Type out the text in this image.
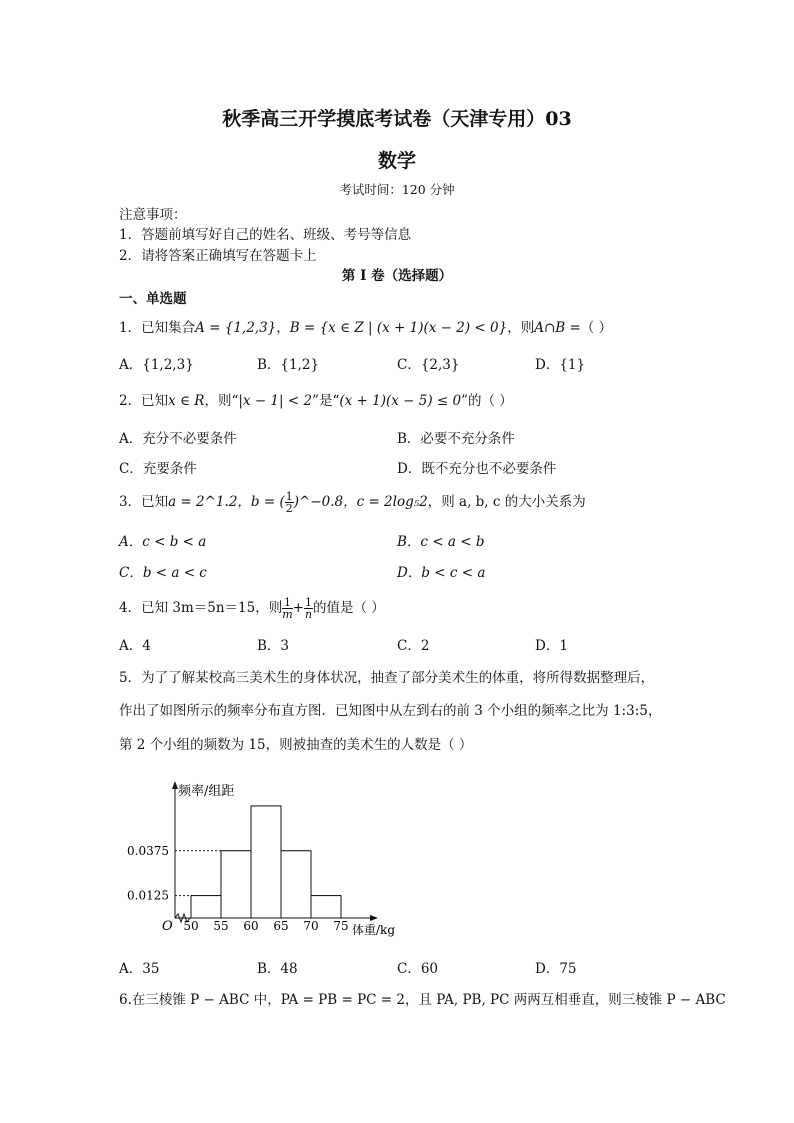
秋季高三开学摸底考试卷（天津专用）03
数学
考试时间：120 分钟
注意事项：
1．答题前填写好自己的姓名、班级、考号等信息
2．请将答案正确填写在答题卡上
第 I 卷（选择题）
一、单选题
1．已知集合A = {1,2,3}，B = {x ∈ Z | (x + 1)(x − 2) < 0}，则A∩B =（ ）
A．{1,2,3}	B．{1,2}	C．{2,3}	D．{1}
2．已知x ∈ R，则“|x − 1| < 2”是“(x + 1)(x − 5) ≤ 0”的（ ）
A．充分不必要条件	B．必要不充分条件
C．充要条件	D．既不充分也不必要条件
3．已知a = 2^1.2，b = ( $\frac{1}{2}$ )^−0.8，c = 2log₅2，则 a, b, c 的大小关系为
A．c < b < a	B．c < a < b
C．b < a < c	D．b < c < a
4．已知 3m＝5n＝15，则 $\frac{1}{m} + \frac{1}{n}$ 的值是（ ）
A．4	B．3	C．2	D．1
5．为了了解某校高三美术生的身体状况，抽查了部分美术生的体重，将所得数据整理后，
作出了如图所示的频率分布直方图．已知图中从左到右的前 3 个小组的频率之比为 1:3:5，
第 2 个小组的频数为 15，则被抽查的美术生的人数是（ ）
频率/组距
体重/kg
O 50 55 60 65 70 75
0.0125
0.0375
A．35	B．48	C．60	D．75
6.在三棱锥 P − ABC 中，PA = PB = PC = 2，且 PA, PB, PC 两两互相垂直，则三棱锥 P − ABC
